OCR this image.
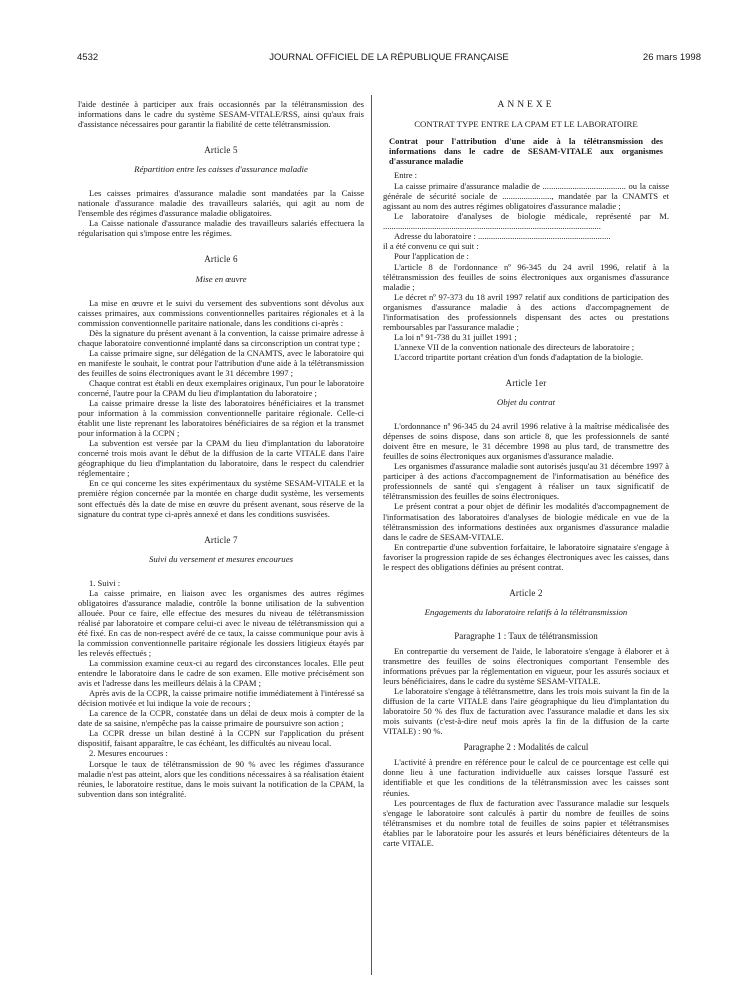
4532	JOURNAL OFFICIEL DE LA RÉPUBLIQUE FRANÇAISE	26 mars 1998

l'aide destinée à participer aux frais occasionnés par la télétransmission des informations dans le cadre du système SESAM-VITALE/RSS, ainsi qu'aux frais d'assistance nécessaires pour garantir la fiabilité de cette télétransmission.

Article 5
Répartition entre les caisses d'assurance maladie

Les caisses primaires d'assurance maladie sont mandatées par la Caisse nationale d'assurance maladie des travailleurs salariés, qui agit au nom de l'ensemble des régimes d'assurance maladie obligatoires.

La Caisse nationale d'assurance maladie des travailleurs salariés effectuera la régularisation qui s'impose entre les régimes.

Article 6
Mise en œuvre

La mise en œuvre et le suivi du versement des subventions sont dévolus aux caisses primaires, aux commissions conventionnelles paritaires régionales et à la commission conventionnelle paritaire nationale, dans les conditions ci-après :

Dès la signature du présent avenant à la convention, la caisse primaire adresse à chaque laboratoire conventionné implanté dans sa circonscription un contrat type ;

La caisse primaire signe, sur délégation de la CNAMTS, avec le laboratoire qui en manifeste le souhait, le contrat pour l'attribution d'une aide à la télétransmission des feuilles de soins électroniques avant le 31 décembre 1997 ;

Chaque contrat est établi en deux exemplaires originaux, l'un pour le laboratoire concerné, l'autre pour la CPAM du lieu d'implantation du laboratoire ;

La caisse primaire dresse la liste des laboratoires bénéficiaires et la transmet pour information à la commission conventionnelle paritaire régionale. Celle-ci établit une liste reprenant les laboratoires bénéficiaires de sa région et la transmet pour information à la CCPN ;

La subvention est versée par la CPAM du lieu d'implantation du laboratoire concerné trois mois avant le début de la diffusion de la carte VITALE dans l'aire géographique du lieu d'implantation du laboratoire, dans le respect du calendrier réglementaire ;

En ce qui concerne les sites expérimentaux du système SESAM-VITALE et la première région concernée par la montée en charge dudit système, les versements sont effectués dès la date de mise en œuvre du présent avenant, sous réserve de la signature du contrat type ci-après annexé et dans les conditions susvisées.

Article 7
Suivi du versement et mesures encourues

1. Suivi :

La caisse primaire, en liaison avec les organismes des autres régimes obligatoires d'assurance maladie, contrôle la bonne utilisation de la subvention allouée. Pour ce faire, elle effectue des mesures du niveau de télétransmission réalisé par laboratoire et compare celui-ci avec le niveau de télétransmission qui a été fixé. En cas de non-respect avéré de ce taux, la caisse communique pour avis à la commission conventionnelle paritaire régionale les dossiers litigieux étayés par les relevés effectués ;

La commission examine ceux-ci au regard des circonstances locales. Elle peut entendre le laboratoire dans le cadre de son examen. Elle motive précisément son avis et l'adresse dans les meilleurs délais à la CPAM ;

Après avis de la CCPR, la caisse primaire notifie immédiatement à l'intéressé sa décision motivée et lui indique la voie de recours ;

La carence de la CCPR, constatée dans un délai de deux mois à compter de la date de sa saisine, n'empêche pas la caisse primaire de poursuivre son action ;

La CCPR dresse un bilan destiné à la CCPN sur l'application du présent dispositif, faisant apparaître, le cas échéant, les difficultés au niveau local.

2. Mesures encourues :

Lorsque le taux de télétransmission de 90 % avec les régimes d'assurance maladie n'est pas atteint, alors que les conditions nécessaires à sa réalisation étaient réunies, le laboratoire restitue, dans le mois suivant la notification de la CPAM, la subvention dans son intégralité.

ANNEXE
CONTRAT TYPE ENTRE LA CPAM ET LE LABORATOIRE

Contrat pour l'attribution d'une aide à la télétransmission des informations dans le cadre de SESAM-VITALE aux organismes d'assurance maladie

Entre :

La caisse primaire d'assurance maladie de ....................................... ou la caisse générale de sécurité sociale de ......................., mandatée par la CNAMTS et agissant au nom des autres régimes obligatoires d'assurance maladie ;

Le laboratoire d'analyses de biologie médicale, représenté par M. ......................................................................................................

Adresse du laboratoire : ..............................................................

il a été convenu ce qui suit :

Pour l'application de :

L'article 8 de l'ordonnance nº 96-345 du 24 avril 1996, relatif à la télétransmission des feuilles de soins électroniques aux organismes d'assurance maladie ;

Le décret nº 97-373 du 18 avril 1997 relatif aux conditions de participation des organismes d'assurance maladie à des actions d'accompagnement de l'informatisation des professionnels dispensant des actes ou prestations remboursables par l'assurance maladie ;

La loi nº 91-738 du 31 juillet 1991 ;

L'annexe VII de la convention nationale des directeurs de laboratoire ;

L'accord tripartite portant création d'un fonds d'adaptation de la biologie.

Article 1er
Objet du contrat

L'ordonnance nº 96-345 du 24 avril 1996 relative à la maîtrise médicalisée des dépenses de soins dispose, dans son article 8, que les professionnels de santé doivent être en mesure, le 31 décembre 1998 au plus tard, de transmettre des feuilles de soins électroniques aux organismes d'assurance maladie.

Les organismes d'assurance maladie sont autorisés jusqu'au 31 décembre 1997 à participer à des actions d'accompagnement de l'informatisation au bénéfice des professionnels de santé qui s'engagent à réaliser un taux significatif de télétransmission des feuilles de soins électroniques.

Le présent contrat a pour objet de définir les modalités d'accompagnement de l'informatisation des laboratoires d'analyses de biologie médicale en vue de la télétransmission des informations destinées aux organismes d'assurance maladie dans le cadre de SESAM-VITALE.

En contrepartie d'une subvention forfaitaire, le laboratoire signataire s'engage à favoriser la progression rapide de ses échanges électroniques avec les caisses, dans le respect des obligations définies au présent contrat.

Article 2
Engagements du laboratoire relatifs à la télétransmission
Paragraphe 1 : Taux de télétransmission

En contrepartie du versement de l'aide, le laboratoire s'engage à élaborer et à transmettre des feuilles de soins électroniques comportant l'ensemble des informations prévues par la réglementation en vigueur, pour les assurés sociaux et leurs bénéficiaires, dans le cadre du système SESAM-VITALE.

Le laboratoire s'engage à télétransmettre, dans les trois mois suivant la fin de la diffusion de la carte VITALE dans l'aire géographique du lieu d'implantation du laboratoire 50 % des flux de facturation avec l'assurance maladie et dans les six mois suivants (c'est-à-dire neuf mois après la fin de la diffusion de la carte VITALE) : 90 %.

Paragraphe 2 : Modalités de calcul

L'activité à prendre en référence pour le calcul de ce pourcentage est celle qui donne lieu à une facturation individuelle aux caisses lorsque l'assuré est identifiable et que les conditions de la télétransmission avec les caisses sont réunies.

Les pourcentages de flux de facturation avec l'assurance maladie sur lesquels s'engage le laboratoire sont calculés à partir du nombre de feuilles de soins télétransmises et du nombre total de feuilles de soins papier et télétransmises établies par le laboratoire pour les assurés et leurs bénéficiaires détenteurs de la carte VITALE.
